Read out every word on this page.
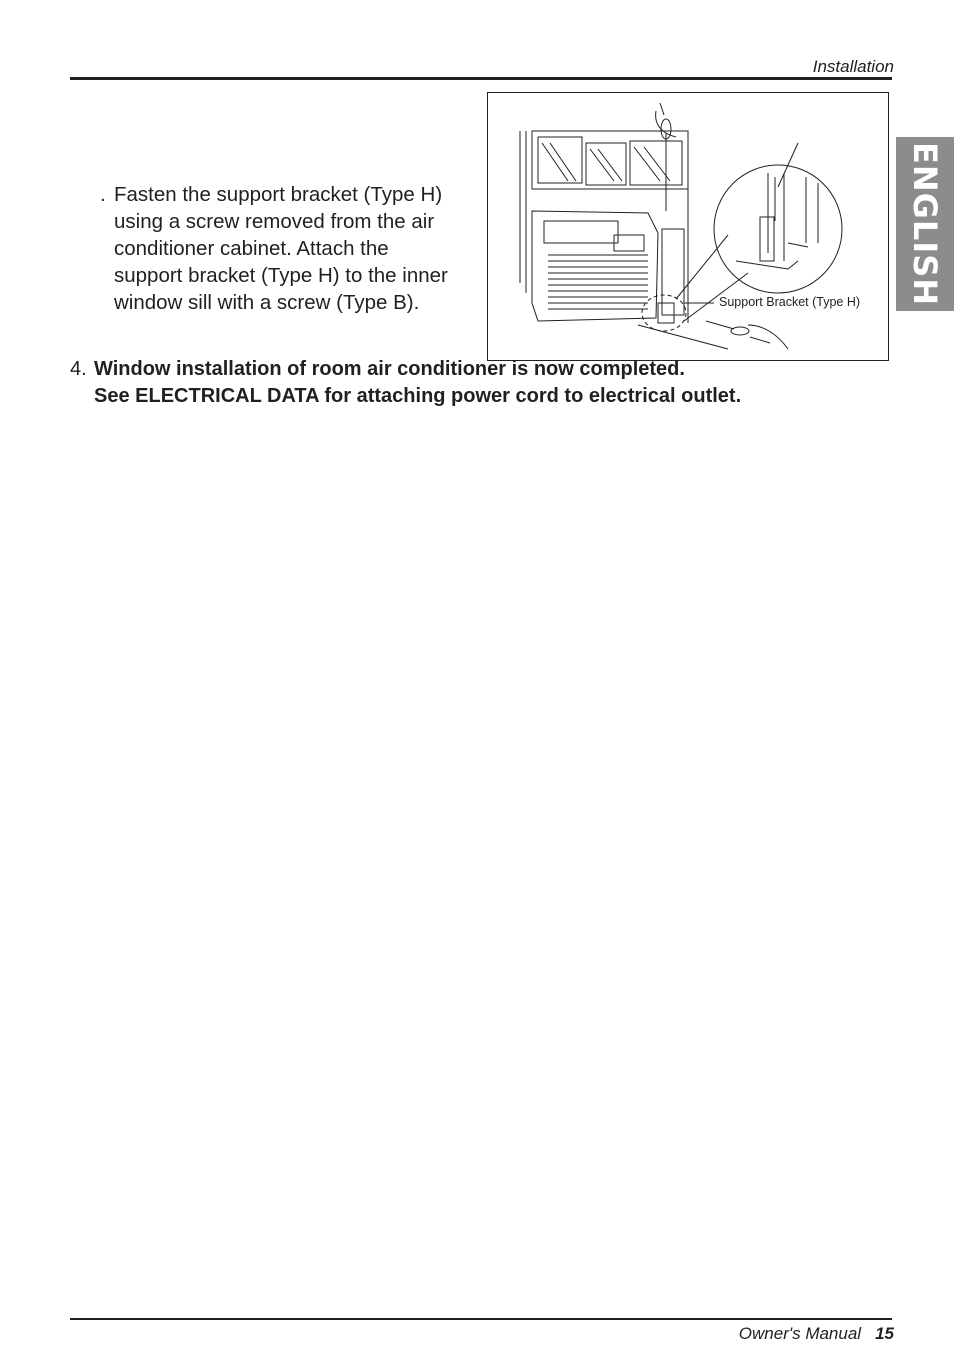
Installation
ENGLISH
. Fasten the support bracket (Type H)
using a screw removed from the air
conditioner cabinet. Attach the
support bracket (Type H) to the inner
window sill with a screw (Type B).	Support Bracket (Type H)
4. Window installation of room air conditioner is now completed.
See ELECTRICAL DATA for attaching power cord to electrical outlet.
Owner's Manual 15
